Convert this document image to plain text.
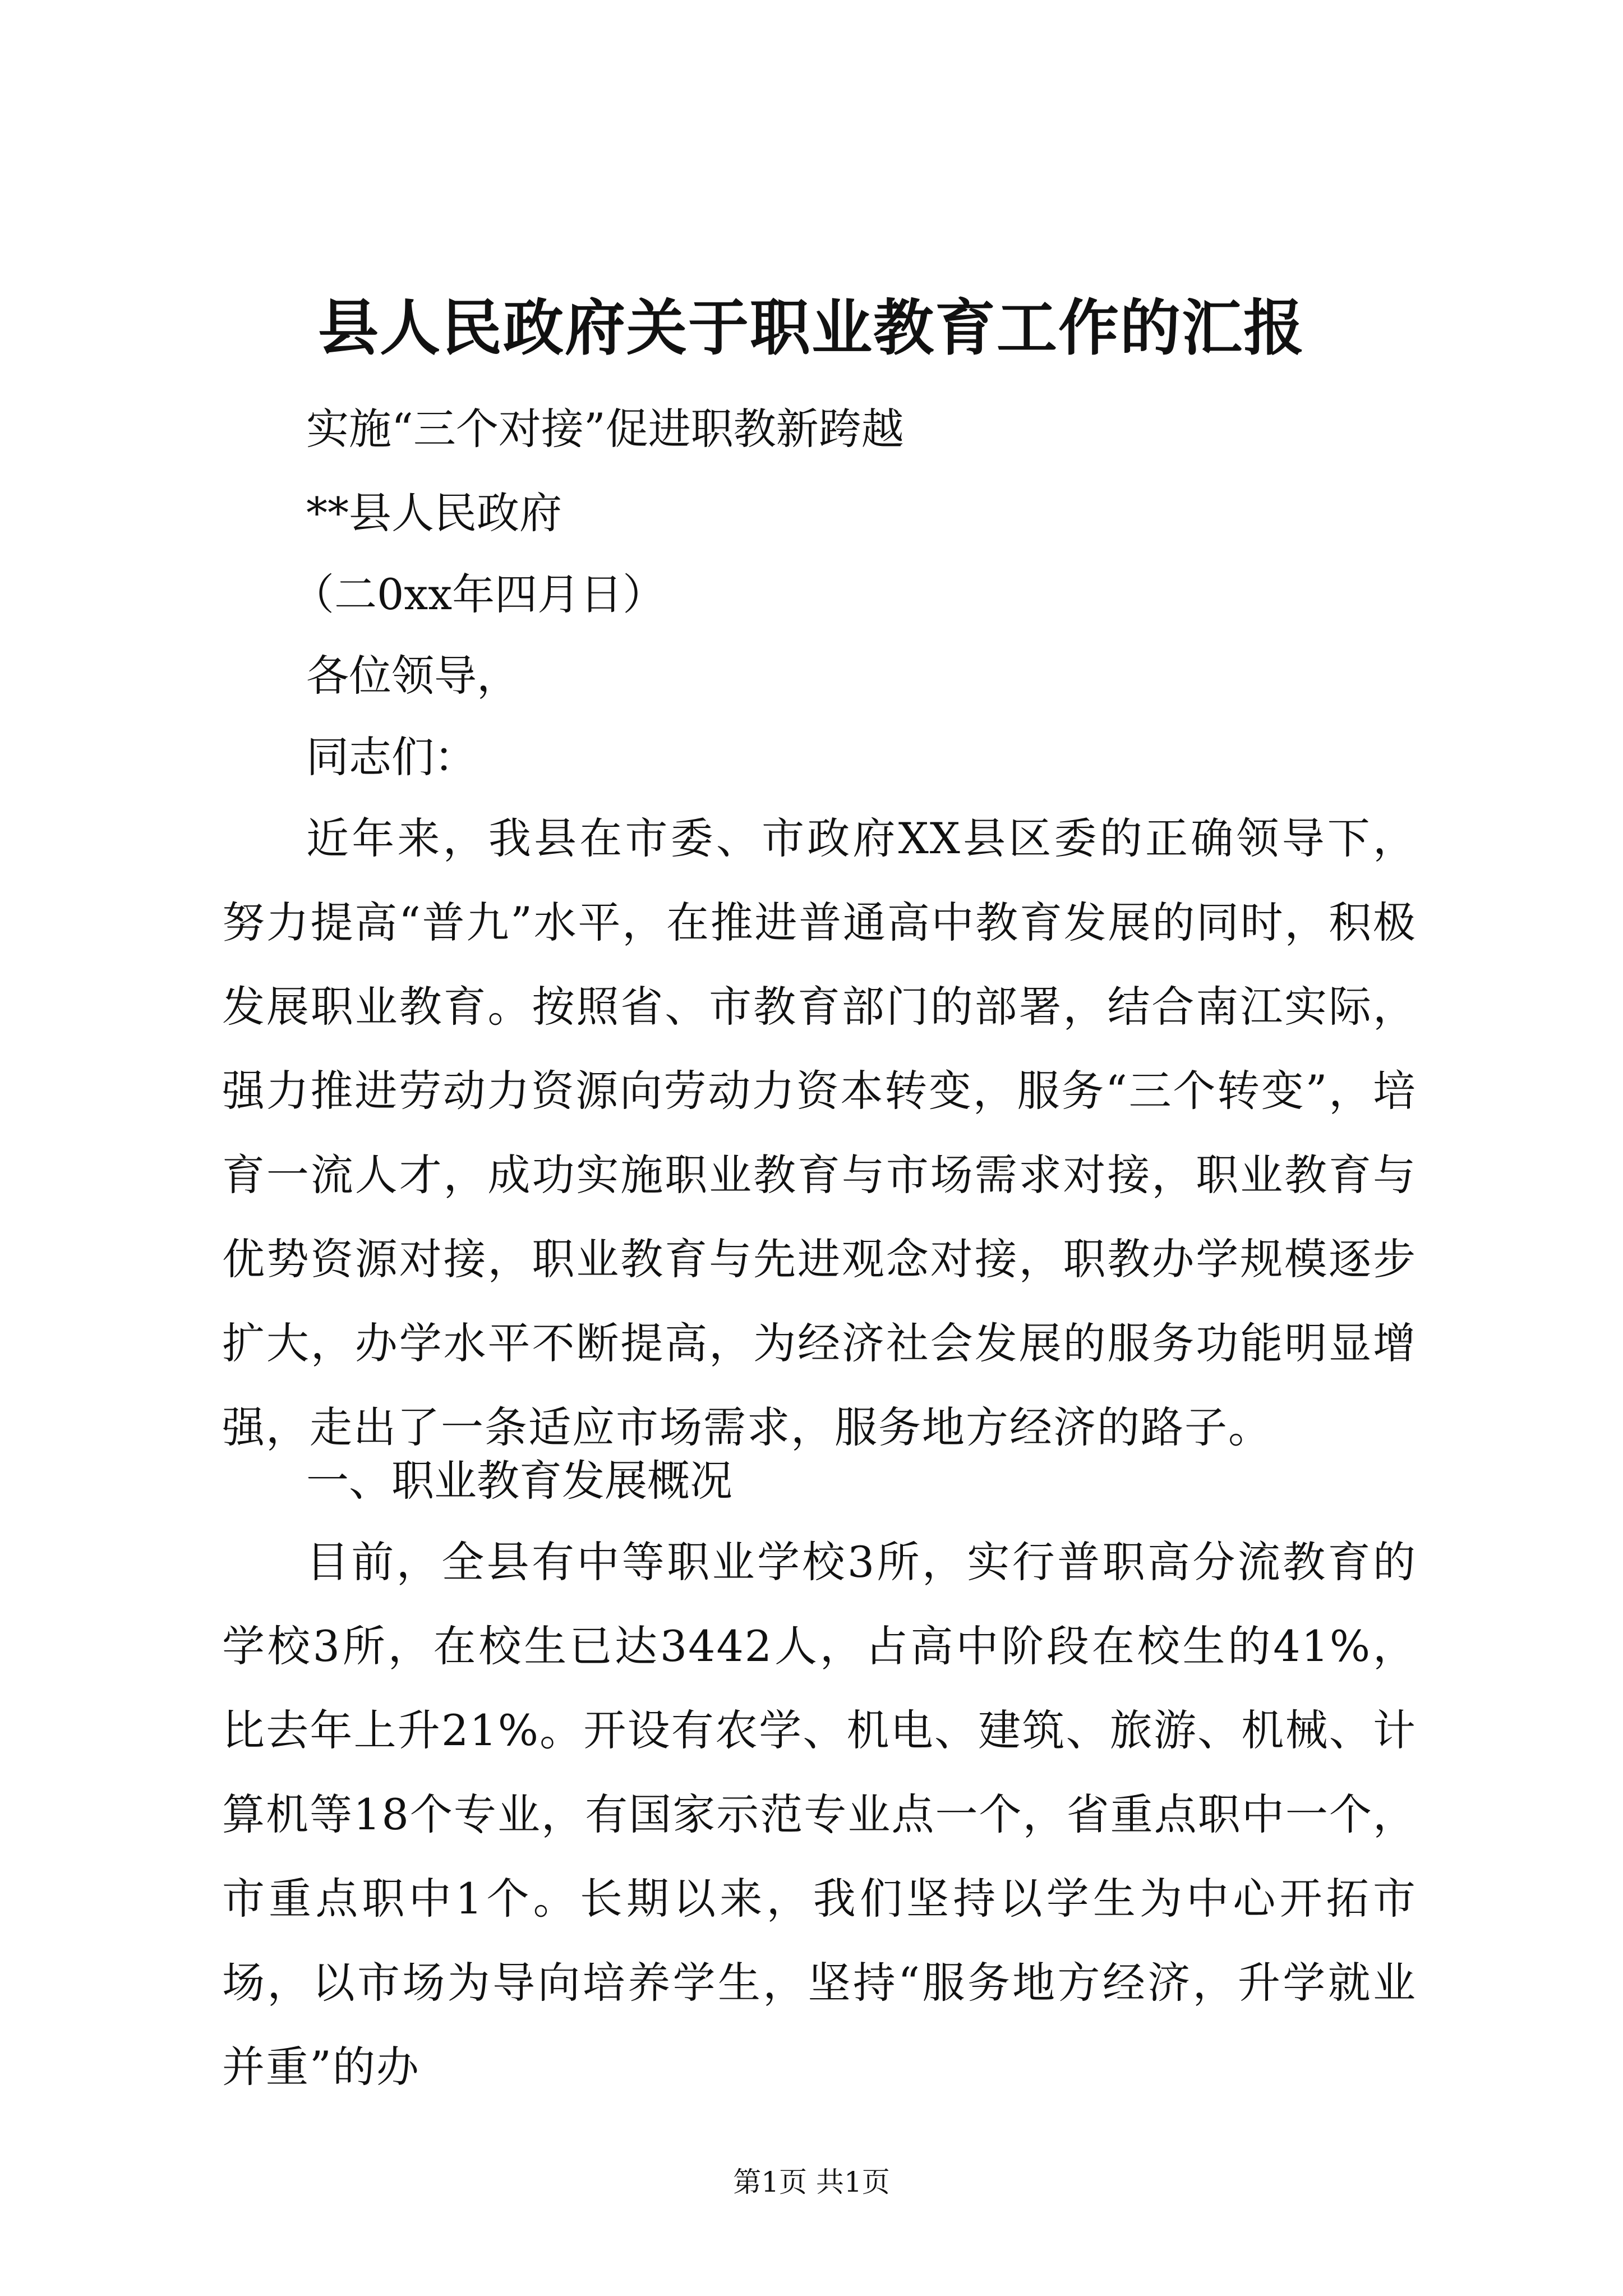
县人民政府关于职业教育工作的汇报
实施“三个对接”促进职教新跨越
**县人民政府
（二0xx年四月日）
各位领导，
同志们：
近年来，我县在市委、市政府XX县区委的正确领导下，努力提高“普九”水平，在推进普通高中教育发展的同时，积极发展职业教育。按照省、市教育部门的部署，结合南江实际，强力推进劳动力资源向劳动力资本转变，服务“三个转变”，培育一流人才，成功实施职业教育与市场需求对接，职业教育与优势资源对接，职业教育与先进观念对接，职教办学规模逐步扩大，办学水平不断提高，为经济社会发展的服务功能明显增强，走出了一条适应市场需求，服务地方经济的路子。
一、职业教育发展概况
目前，全县有中等职业学校3所，实行普职高分流教育的学校3所，在校生已达3442人，占高中阶段在校生的41%，比去年上升21%。开设有农学、机电、建筑、旅游、机械、计算机等18个专业，有国家示范专业点一个，省重点职中一个，市重点职中1个。长期以来，我们坚持以学生为中心开拓市场，以市场为导向培养学生，坚持“服务地方经济，升学就业并重”的办
第1页 共1页
